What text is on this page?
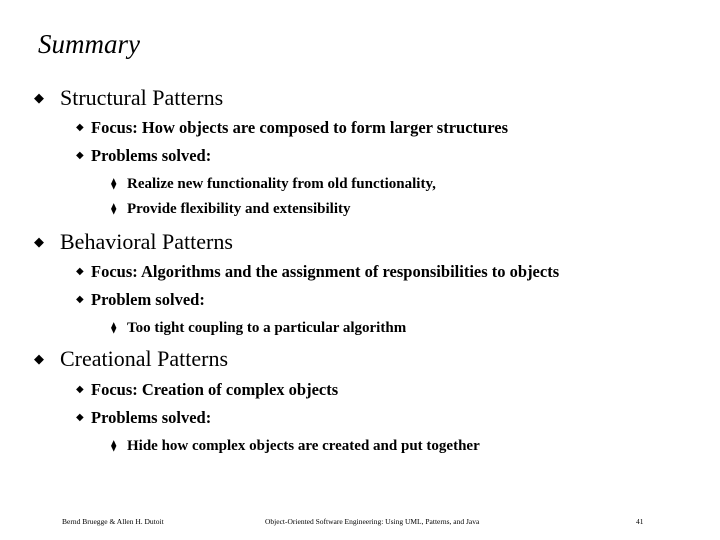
Summary
◆ Structural Patterns
◆ Focus: How objects are composed to form larger structures
◆ Problems solved:
⧫ Realize new functionality from old functionality,
⧫ Provide flexibility and extensibility
◆ Behavioral Patterns
◆ Focus: Algorithms and the assignment of responsibilities to objects
◆ Problem solved:
⧫ Too tight coupling to a particular algorithm
◆ Creational Patterns
◆ Focus: Creation of complex objects
◆ Problems solved:
⧫ Hide how complex objects are created and put together
Bernd Bruegge & Allen H. Dutoit	Object-Oriented Software Engineering: Using UML, Patterns, and Java	41
